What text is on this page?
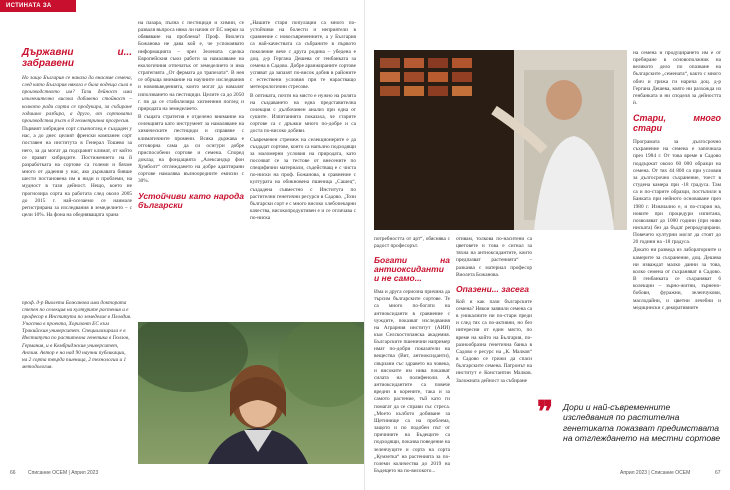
ИСТИНАТА ЗА
Държавни и... забравени

Но защо България се наказа да внасяме семена, след като България някога е била водеща сила в производството им? Тази дейност има изключително висока добавена стойност – колкото ради сорта се продукира, за събиране годишно разбира, а друго, от сортовата производства ръст в 8 геометрична прогресия.

Първият хибриден сорт слънчоглед е създаден у нас, а до днес целият френски компанен сорт поставен на институтa в Генерал Тошево за него, за да могат да подхранят климат, от който се правят хибридите. Постижението на й разработката на сортове са големи и бяхме много от дадения у нас, ако държавата бивше шести постановена им в ниди и проблеми, на мудност в тази дейност. Нещо, което не прогнозира сорта на работата след около 2005 до 2015 г. най-осезаемо се наимале регистрирана за изследвания в земеделието – с цели 10%. На фона на обедняващата храна

на пазара, пълна с пестициди и химии, се разваля въпроса няма ли начин от ЕС мерки за обявяване на проблема? Проф. Виолета Божанова не дава кой е, че успокоявато информацията – чрез Зелената сделка Европейския съюз работи за намаляване на екологичния отпечатък от земеделието и има стратегията „От фермата до трапезата“. В нея се обръща внимание на научните изследвания и нововъведенията, които могат да намалят използването на пестициди. Целите са до 2050 г. пв да се стабилизира хигиенния поглед и природата на земеделието.

В същата стратегия е отделено внимание на селекцията като инструмент за намаляване на химическите пестициди и справяне с климатичните промени. Всяка държава е отговорна сама да си осигури добре приспособени сортове и семена. Според доклад на фондацията „Александър фон Хумболт“ отглеждането на добре адаптирани сортове намалява вълнооредните емисии с 30%.

Устойчиви като народа български

„Нашите стари популации са много по-устойчиви на болести и неприятели в сравнение с новосъвременните, а у България са най-качествата са събраните в първото поколение вече с друга родина – убедена е доц. д-р Гергана Дешева от генбанката за семена в Садово. Добре аранжираните сортове успяват да запазят по-висок добив в районите с естествени условия при те нарастващо метеорологични стресове.

В оптиката, почти на място е нужно на ролята на създаването на една представителна селекция с дълбочинен анализ при една от сушите. Изпитанията показаха, че старите сортове са с дръжки много по-добре и са доста по-високо добиви.

Съвременен стремеж на селекционерите е да създадат сортове, които са напълно подходящи за маломерни условия на природата, като посочват се за тестове от внесените по специфични материали, съдействащ е с чиста по-ниски на проф. Божанова, в сравнение с културата на обикновена пшеница „Сашец“, създадена съвместно с Института по растителни генетични ресурси в Садово. „Този български сорт е с много високо хлебопекарни качества, високопродуктивен е и се отличава с по-ниска

проф. д-р Виолета Божанова има доктората степен по селекция на културите растения и е професор в Института по земеделие в Пловдив. Участва в проекта, Хоризонт ЕС към Тракийския университет. Специализирала е в Института по растителна генетика в Гюлзов, Германия, и в Кембриджкия университет, Англия. Автор е на над 90 научни публикации, на 2 сорта твърда пшеница, 2 технологии и 1 методология.
66 Списание ОСЕМ | Април 2023

потребността от арт“, обяснява с радост професорът.

Богати на антиоксиданти и не само...

Има и друга сериозна причина да търсим българските сортове. Те са много по-богати на антиоксиданти в сравнение с чуждите, показват изследвания на Аграрния институт (АИИ) към Селскостопанска академия. Българските пшенични например имат по-добри показатели на вещества (Вит, антиоксиданти), свързани със здравето на човека, и високите им нива показват силата на полифеноли. А антиоксидантите са повече вредни в корените, така и за самото растение, тъй като ги помагат да се справи със стреса. „Моето кълбото добиване за Щетинище са на проблема, защото и по подобен път от причините на Бъдещите са подходящи, показва поведение на зеленчуците и сорта на сорта „Кумзетка“ на растенията за по-големи количества до 2019 на Бъдещето на по-високото...

отивам, толкова по-наситени са цветовете и това е сигнал за тяхна на антиоксидантите, които предпазват растенията“ – разказва с материал професор Виолета Божанова.

Опазени... засега

Кой и как пази българските семена? Някои заявили семена са в уникалните ни по-стари преди и след тях са по-активни, но без интересни от един място, по време на който на България, по-разнообразна генетична банка в Садово е ресурс на „К. Малков“ в Садово се грижи да спаси българските семена. Патронът на институт е Константин Малков. Заложната дейност за събиране

на семена и продуцирането им е от пребиране в основополжник на великото дело по опазване на българските „семената“, както с много обич и грижа ги нарича доц. д-р Гергана Дешева, която ни разхожда из генбанката и ни споделя за дейността ѝ.

Стари, много стари

Програмата за дългосрочно съхранение на семена е започнала през 1984 г. От това време в Садово поддържат около 60 000 образци на семена. От тях 44 800 са при условия за дългосрочно съхранение, тоест в студена камера при -18 градуса. Там са и по-старите образци, постъпили в Банката при нейното основаване през 1980 г. Изначално е, и по-стария на, новите при процедури изпитана, позволяват до 1000 години (при ниво ниската) без да бъдат репродуцирани. Повечето културни могат да стоят до 20 години на -18 градуса.

Докато ни разведа из лабораториите и камерите за съхранение, доц. Дешева ни изваждат малко данни за това, колко семена от съхраняват в Садово. В генбанката се съхраняват 6 колекции – зърно-житни, зърнено-бобови, фуражни, зеленчукови, маслодайни, и цветни лечебни и медицински с декоративните

❞ Дори и най-съвременните изследвания по растителна генетиката показват предимствата на отглеждането на местни сортове
Април 2023 | Списание ОСЕМ	67
